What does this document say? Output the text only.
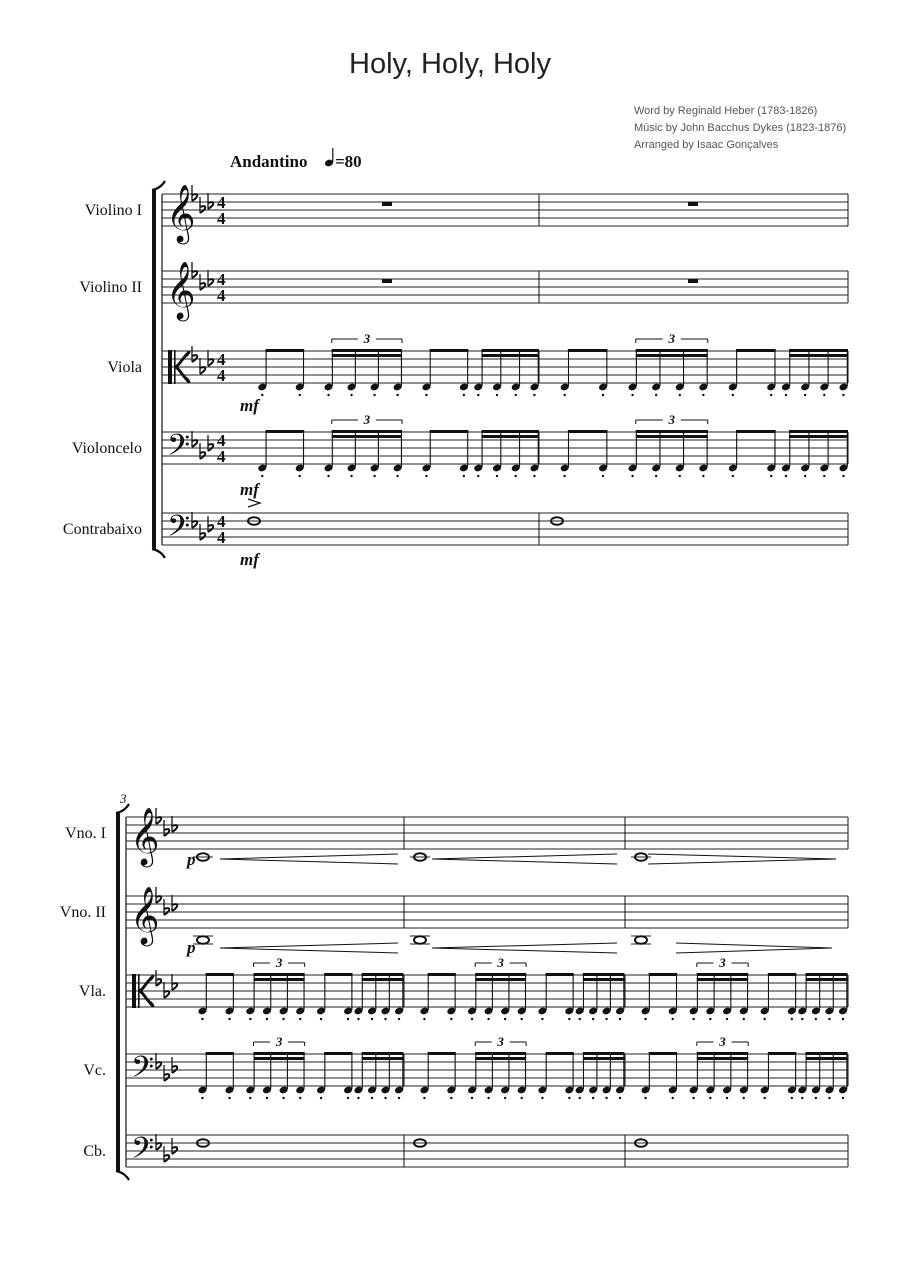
Holy, Holy, Holy
Word by Reginald Heber (1783-1826)
Músic by John Bacchus Dykes (1823-1876)
Arranged by Isaac Gonçalves
Andantino =80
Violino I
Violino II
Viola
Violoncelo
Contrabaixo
𝄞 4
4
𝄞 4
4
4
4
𝄢 4
4
𝄢 4
4
3
3
mf
mf
mf
3
3
Vno. I
Vno. II
Vla.
Vc.
Cb.
3
𝄞
𝄞
𝄢
𝄢
p
p
3
3
3
3
3
3
